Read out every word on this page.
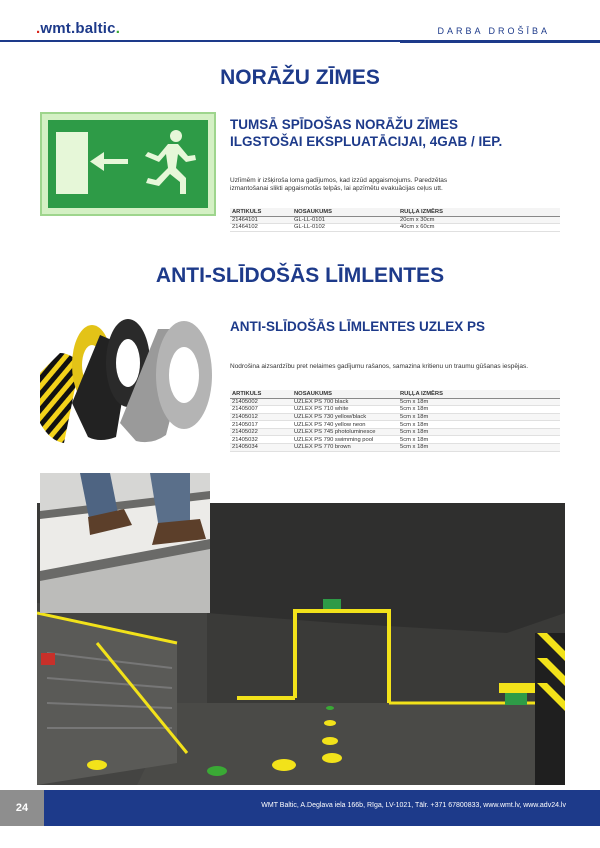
.wmt.baltic.	DARBA DROŠĪBA
NORĀŽU ZĪMES
TUMSĀ SPĪDOŠAS NORĀŽU ZĪMES
ILGSTOŠAI EKSPLUATĀCIJAI, 4GAB / IEP.
Uzlīmēm ir izšķiroša loma gadījumos, kad izzūd apgaismojums. Paredzētas izmantošanai slikti apgaismotās telpās, lai apzīmētu evakuācijas ceļus utt.
ARTIKULS	NOSAUKUMS	RUĻĻA IZMĒRS
21464101	GL-LL-0101	20cm x 30cm
21464102	GL-LL-0102	40cm x 60cm
ANTI-SLĪDOŠĀS LĪMLENTES
ANTI-SLĪDOŠĀS LĪMLENTES UZLEX PS
Nodrošina aizsardzību pret nelaimes gadījumu rašanos, samazina kritienu un traumu gūšanas iespējas.
ARTIKULS	NOSAUKUMS	RUĻĻA IZMĒRS
21405002	UZLEX PS 700 black	5cm x 18m
21405007	UZLEX PS 710 white	5cm x 18m
21405012	UZLEX PS 730 yellow/black	5cm x 18m
21405017	UZLEX PS 740 yellow neon	5cm x 18m
21405022	UZLEX PS 745 photoluminesce	5cm x 18m
21405032	UZLEX PS 790 swimming pool	5cm x 18m
21405034	UZLEX PS 770 brown	5cm x 18m
24	WMT Baltic, A.Deglava iela 166b, Rīga, LV-1021, Tālr. +371 67800833, www.wmt.lv, www.adv24.lv
